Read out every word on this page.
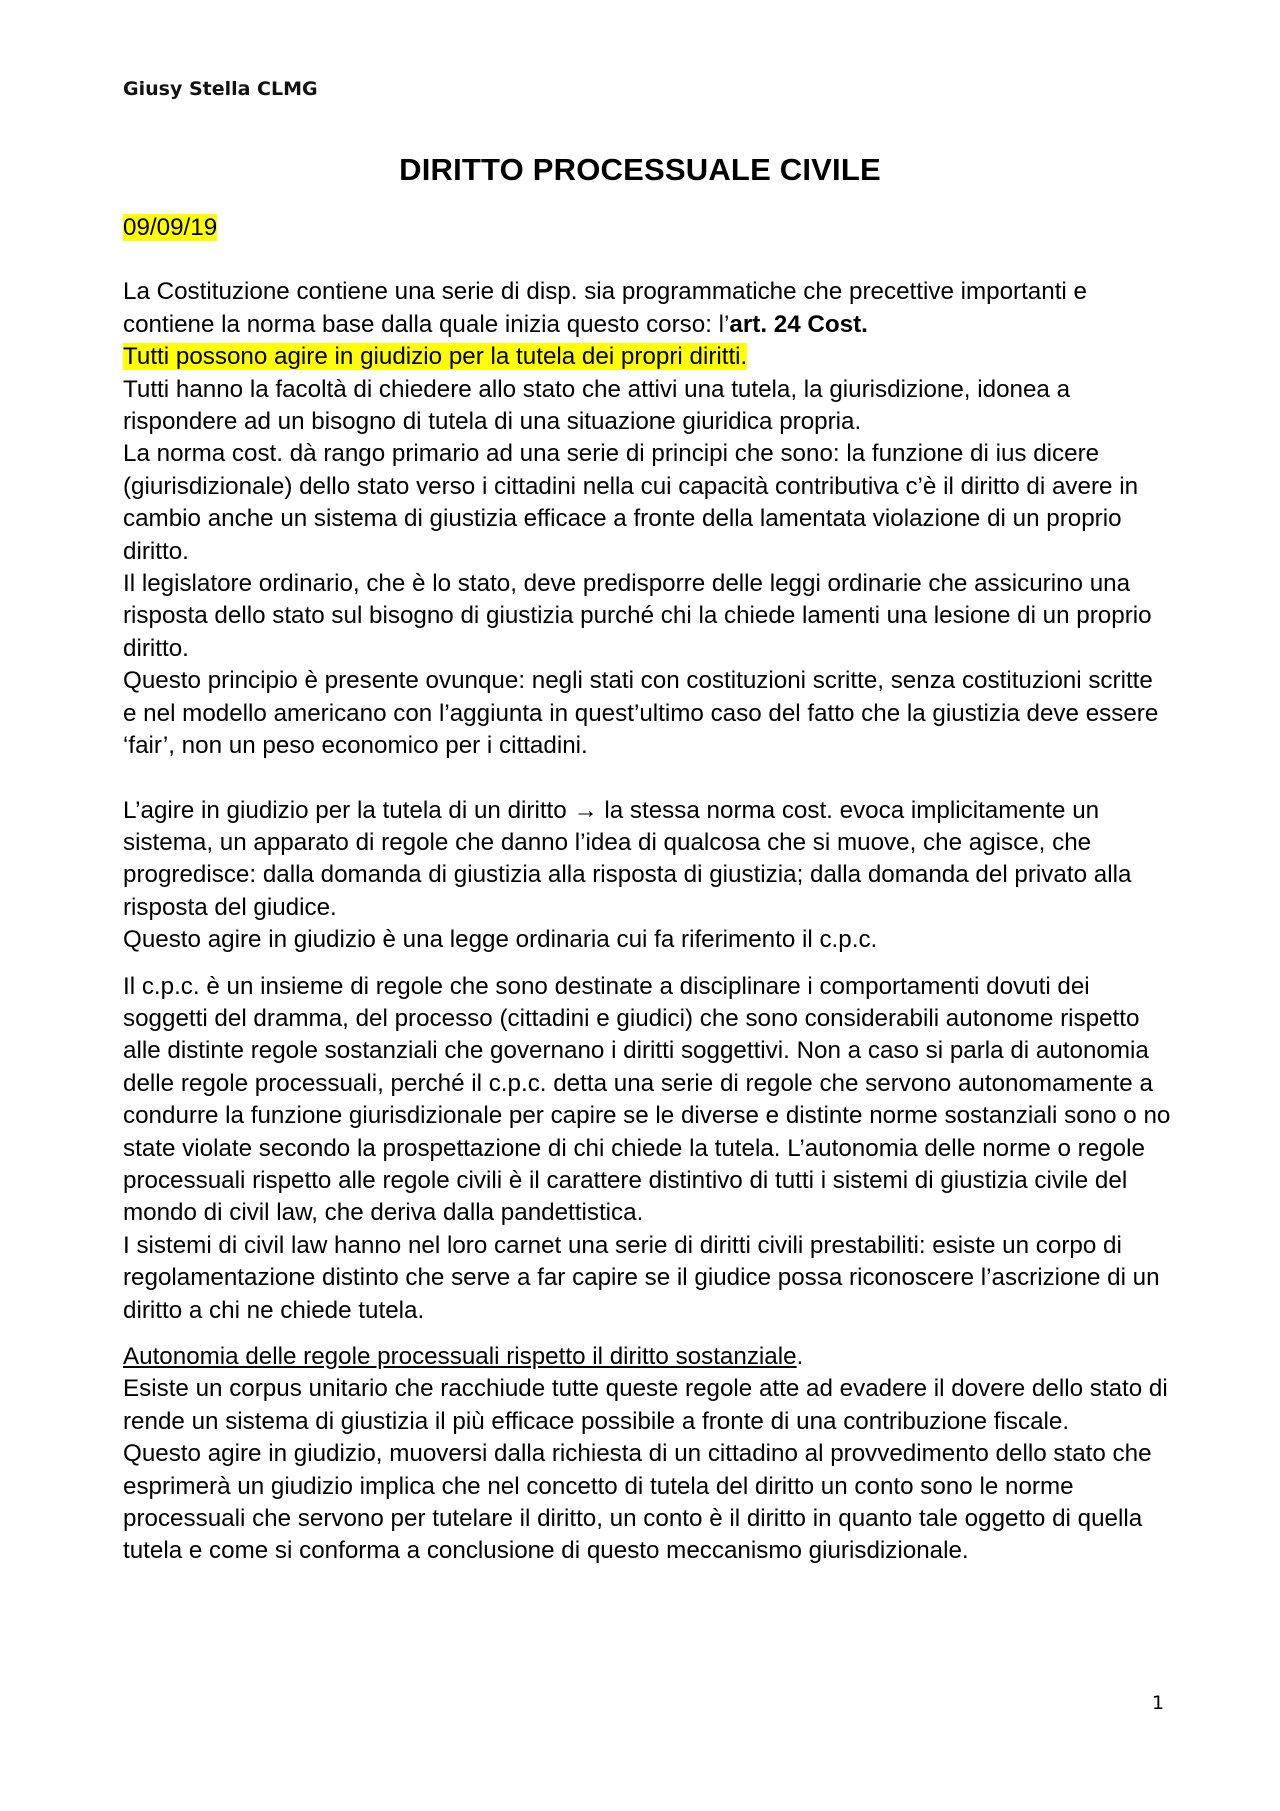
Giusy Stella CLMG
DIRITTO PROCESSUALE CIVILE

09/09/19

La Costituzione contiene una serie di disp. sia programmatiche che precettive importanti e contiene la norma base dalla quale inizia questo corso: l’art. 24 Cost.

Tutti possono agire in giudizio per la tutela dei propri diritti.

Tutti hanno la facoltà di chiedere allo stato che attivi una tutela, la giurisdizione, idonea a rispondere ad un bisogno di tutela di una situazione giuridica propria.

La norma cost. dà rango primario ad una serie di principi che sono: la funzione di ius dicere (giurisdizionale) dello stato verso i cittadini nella cui capacità contributiva c’è il diritto di avere in cambio anche un sistema di giustizia efficace a fronte della lamentata violazione di un proprio diritto.

Il legislatore ordinario, che è lo stato, deve predisporre delle leggi ordinarie che assicurino una risposta dello stato sul bisogno di giustizia purché chi la chiede lamenti una lesione di un proprio diritto.

Questo principio è presente ovunque: negli stati con costituzioni scritte, senza costituzioni scritte e nel modello americano con l’aggiunta in quest’ultimo caso del fatto che la giustizia deve essere ‘fair’, non un peso economico per i cittadini.

L’agire in giudizio per la tutela di un diritto → la stessa norma cost. evoca implicitamente un sistema, un apparato di regole che danno l’idea di qualcosa che si muove, che agisce, che progredisce: dalla domanda di giustizia alla risposta di giustizia; dalla domanda del privato alla risposta del giudice.

Questo agire in giudizio è una legge ordinaria cui fa riferimento il c.p.c.

Il c.p.c. è un insieme di regole che sono destinate a disciplinare i comportamenti dovuti dei soggetti del dramma, del processo (cittadini e giudici) che sono considerabili autonome rispetto alle distinte regole sostanziali che governano i diritti soggettivi. Non a caso si parla di autonomia delle regole processuali, perché il c.p.c. detta una serie di regole che servono autonomamente a condurre la funzione giurisdizionale per capire se le diverse e distinte norme sostanziali sono o no state violate secondo la prospettazione di chi chiede la tutela. L’autonomia delle norme o regole processuali rispetto alle regole civili è il carattere distintivo di tutti i sistemi di giustizia civile del mondo di civil law, che deriva dalla pandettistica.

I sistemi di civil law hanno nel loro carnet una serie di diritti civili prestabiliti: esiste un corpo di regolamentazione distinto che serve a far capire se il giudice possa riconoscere l’ascrizione di un diritto a chi ne chiede tutela.

Autonomia delle regole processuali rispetto il diritto sostanziale.

Esiste un corpus unitario che racchiude tutte queste regole atte ad evadere il dovere dello stato di rende un sistema di giustizia il più efficace possibile a fronte di una contribuzione fiscale.

Questo agire in giudizio, muoversi dalla richiesta di un cittadino al provvedimento dello stato che esprimerà un giudizio implica che nel concetto di tutela del diritto un conto sono le norme processuali che servono per tutelare il diritto, un conto è il diritto in quanto tale oggetto di quella tutela e come si conforma a conclusione di questo meccanismo giurisdizionale.

1
